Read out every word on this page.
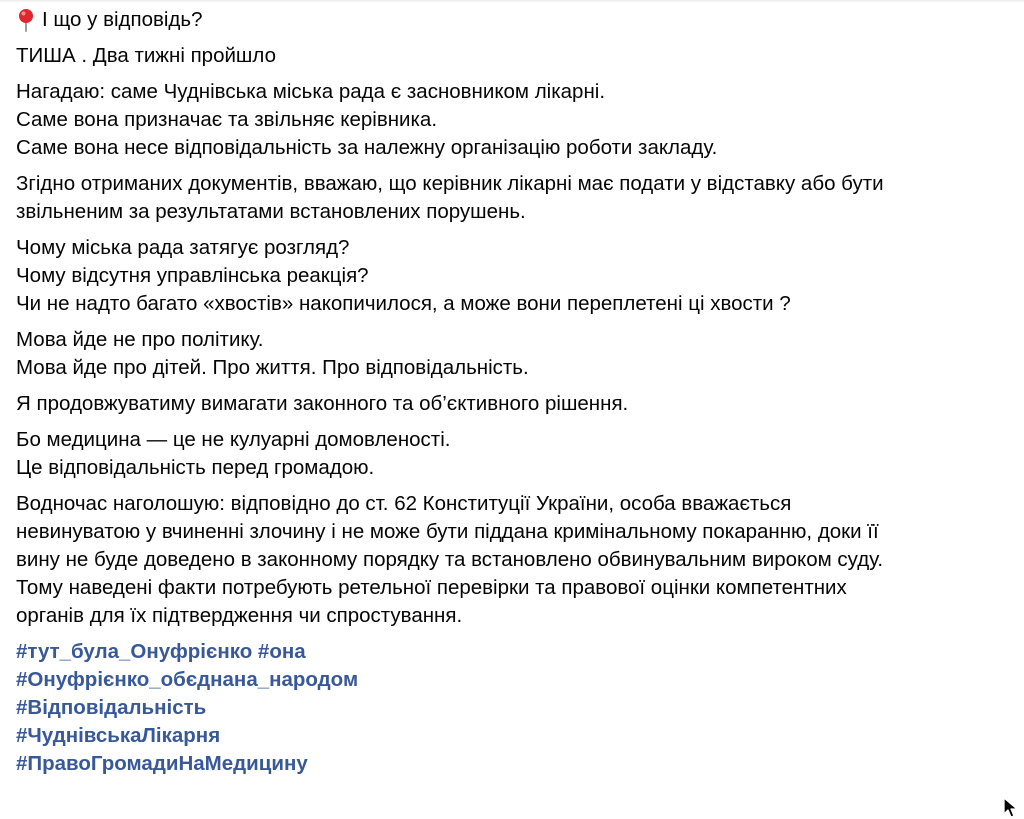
І що у відповідь?
ТИША . Два тижні пройшло
Нагадаю: саме Чуднівська міська рада є засновником лікарні.
Саме вона призначає та звільняє керівника.
Саме вона несе відповідальність за належну організацію роботи закладу.
Згідно отриманих документів, вважаю, що керівник лікарні має подати у відставку або бути
звільненим за результатами встановлених порушень.
Чому міська рада затягує розгляд?
Чому відсутня управлінська реакція?
Чи не надто багато «хвостів» накопичилося, а може вони переплетені ці хвости ?
Мова йде не про політику.
Мова йде про дітей. Про життя. Про відповідальність.
Я продовжуватиму вимагати законного та об’єктивного рішення.
Бо медицина — це не кулуарні домовленості.
Це відповідальність перед громадою.
Водночас наголошую: відповідно до ст. 62 Конституції України, особа вважається
невинуватою у вчиненні злочину і не може бути піддана кримінальному покаранню, доки її
вину не буде доведено в законному порядку та встановлено обвинувальним вироком суду.
Тому наведені факти потребують ретельної перевірки та правової оцінки компетентних
органів для їх підтвердження чи спростування.
#тут_була_Онуфрієнко #она
#Онуфрієнко_обєднана_народом
#Відповідальність
#ЧуднівськаЛікарня
#ПравоГромадиНаМедицину
